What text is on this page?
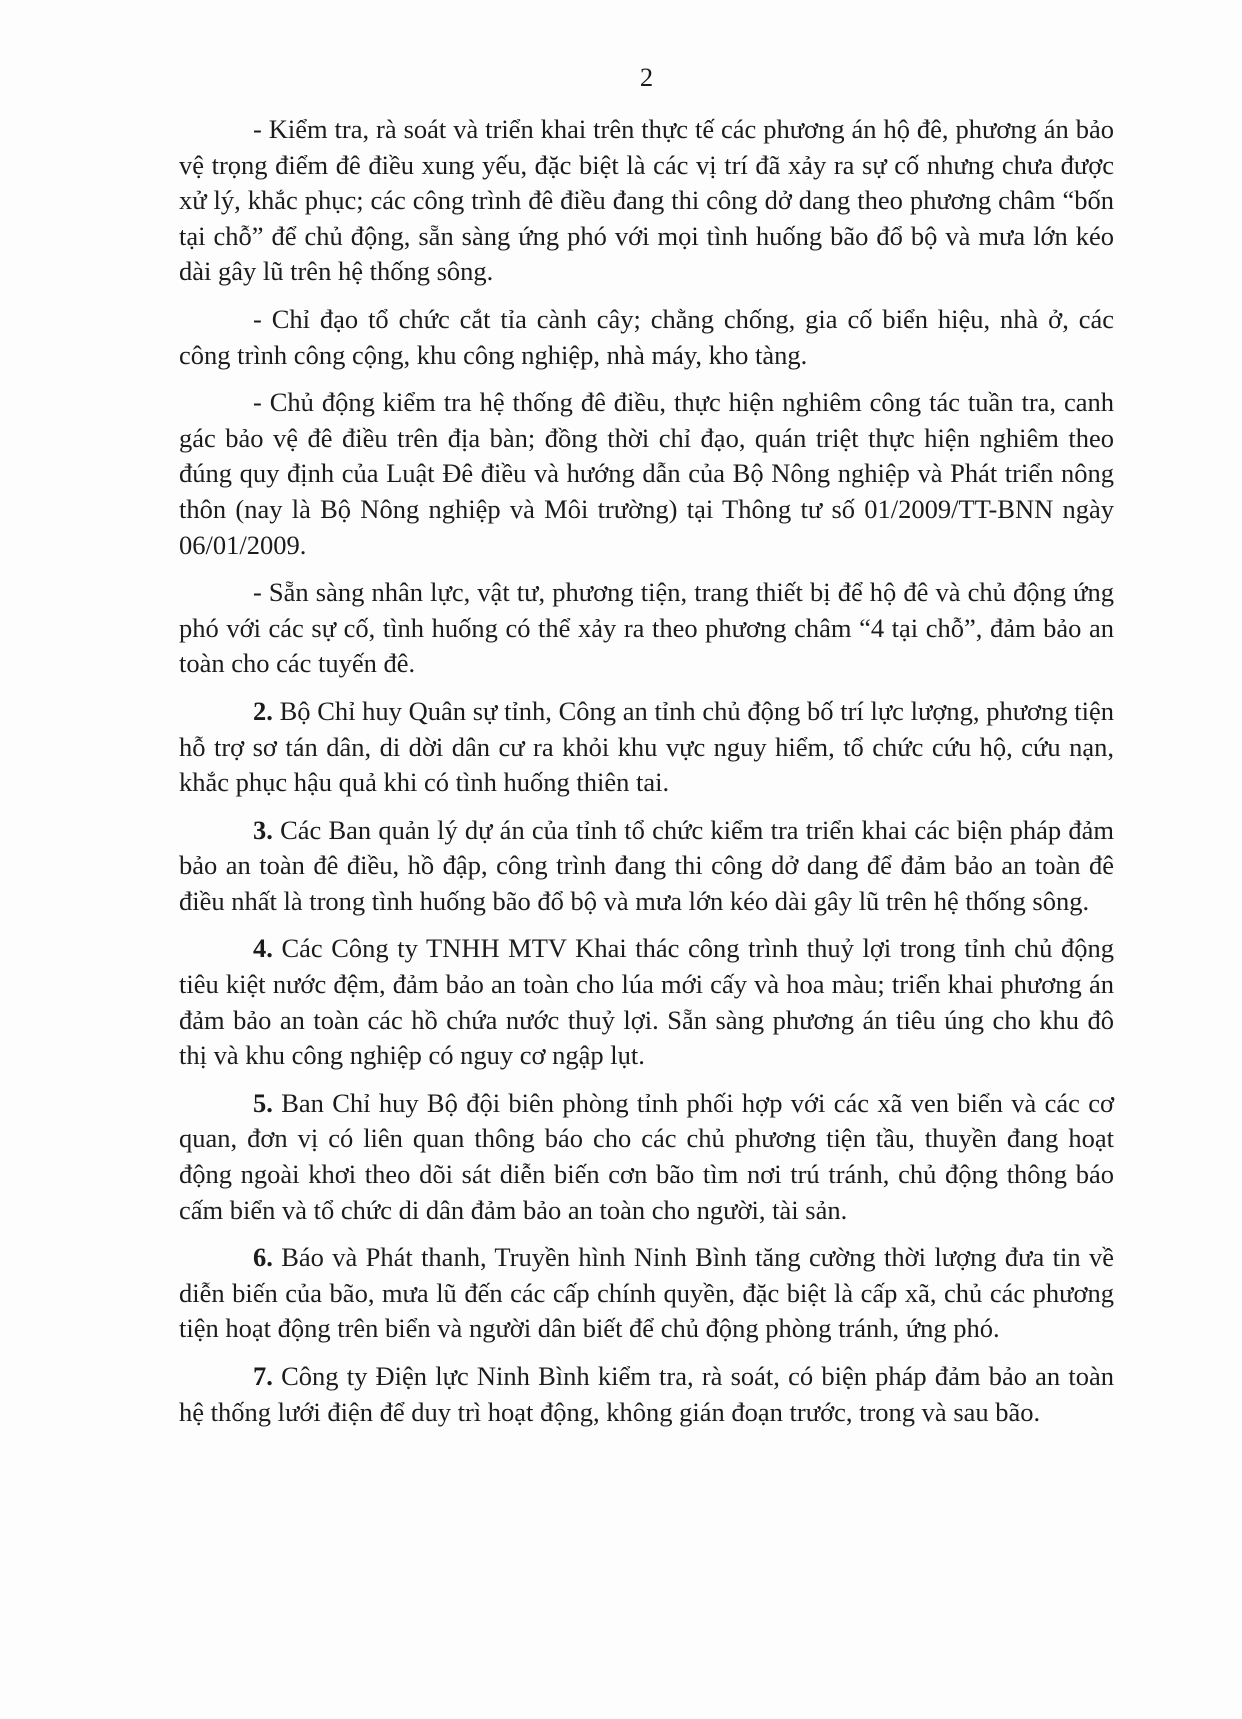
2

- Kiểm tra, rà soát và triển khai trên thực tế các phương án hộ đê, phương án bảo vệ trọng điểm đê điều xung yếu, đặc biệt là các vị trí đã xảy ra sự cố nhưng chưa được xử lý, khắc phục; các công trình đê điều đang thi công dở dang theo phương châm “bốn tại chỗ” để chủ động, sẵn sàng ứng phó với mọi tình huống bão đổ bộ và mưa lớn kéo dài gây lũ trên hệ thống sông.

- Chỉ đạo tổ chức cắt tỉa cành cây; chằng chống, gia cố biển hiệu, nhà ở, các công trình công cộng, khu công nghiệp, nhà máy, kho tàng.

- Chủ động kiểm tra hệ thống đê điều, thực hiện nghiêm công tác tuần tra, canh gác bảo vệ đê điều trên địa bàn; đồng thời chỉ đạo, quán triệt thực hiện nghiêm theo đúng quy định của Luật Đê điều và hướng dẫn của Bộ Nông nghiệp và Phát triển nông thôn (nay là Bộ Nông nghiệp và Môi trường) tại Thông tư số 01/2009/TT-BNN ngày 06/01/2009.

- Sẵn sàng nhân lực, vật tư, phương tiện, trang thiết bị để hộ đê và chủ động ứng phó với các sự cố, tình huống có thể xảy ra theo phương châm “4 tại chỗ”, đảm bảo an toàn cho các tuyến đê.

2. Bộ Chỉ huy Quân sự tỉnh, Công an tỉnh chủ động bố trí lực lượng, phương tiện hỗ trợ sơ tán dân, di dời dân cư ra khỏi khu vực nguy hiểm, tổ chức cứu hộ, cứu nạn, khắc phục hậu quả khi có tình huống thiên tai.

3. Các Ban quản lý dự án của tỉnh tổ chức kiểm tra triển khai các biện pháp đảm bảo an toàn đê điều, hồ đập, công trình đang thi công dở dang để đảm bảo an toàn đê điều nhất là trong tình huống bão đổ bộ và mưa lớn kéo dài gây lũ trên hệ thống sông.

4. Các Công ty TNHH MTV Khai thác công trình thuỷ lợi trong tỉnh chủ động tiêu kiệt nước đệm, đảm bảo an toàn cho lúa mới cấy và hoa màu; triển khai phương án đảm bảo an toàn các hồ chứa nước thuỷ lợi. Sẵn sàng phương án tiêu úng cho khu đô thị và khu công nghiệp có nguy cơ ngập lụt.

5. Ban Chỉ huy Bộ đội biên phòng tỉnh phối hợp với các xã ven biển và các cơ quan, đơn vị có liên quan thông báo cho các chủ phương tiện tầu, thuyền đang hoạt động ngoài khơi theo dõi sát diễn biến cơn bão tìm nơi trú tránh, chủ động thông báo cấm biển và tổ chức di dân đảm bảo an toàn cho người, tài sản.

6. Báo và Phát thanh, Truyền hình Ninh Bình tăng cường thời lượng đưa tin về diễn biến của bão, mưa lũ đến các cấp chính quyền, đặc biệt là cấp xã, chủ các phương tiện hoạt động trên biển và người dân biết để chủ động phòng tránh, ứng phó.

7. Công ty Điện lực Ninh Bình kiểm tra, rà soát, có biện pháp đảm bảo an toàn hệ thống lưới điện để duy trì hoạt động, không gián đoạn trước, trong và sau bão.
